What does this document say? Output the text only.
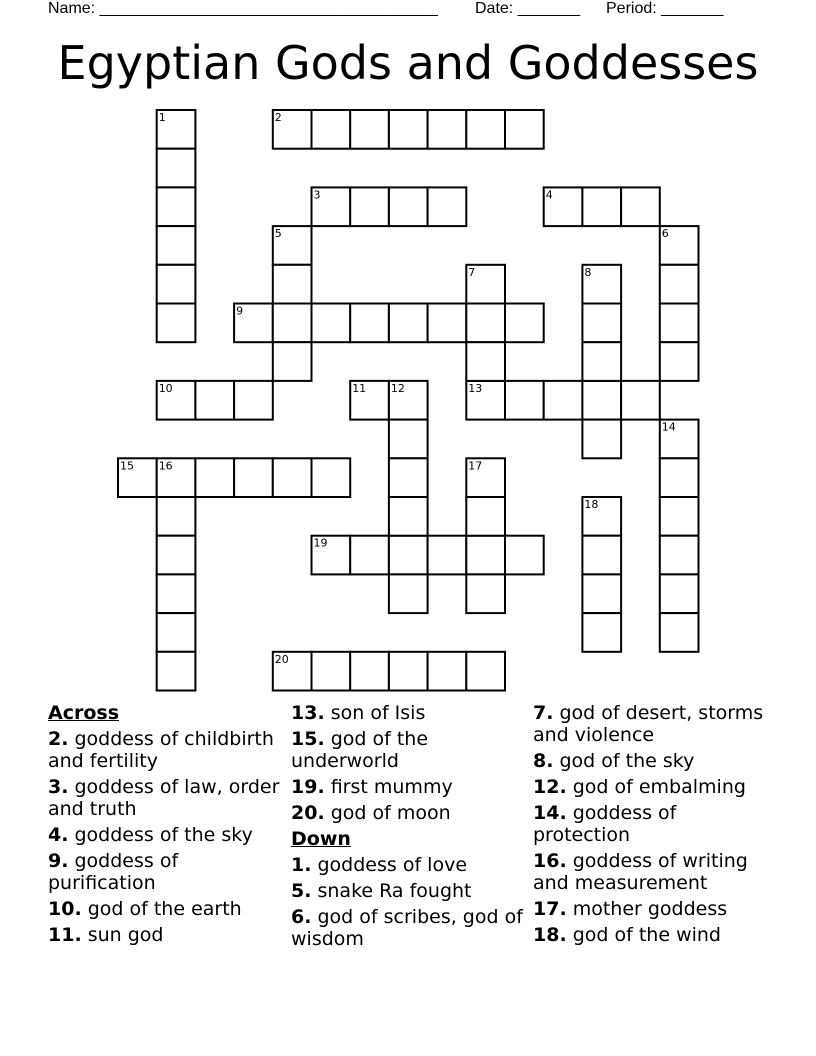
Name: ______________________________________

Date: _______

Period: _______

Egyptian Gods and Goddesses
1	2
3	4
5	6
7	8
9
10	11 12	13
14
15 16	17
18
19
20
Across
2. goddess of childbirth and fertility
3. goddess of law, order and truth
4. goddess of the sky
9. goddess of purification
10. god of the earth
11. sun god
13. son of Isis
15. god of the underworld
19. first mummy
20. god of moon
Down
1. goddess of love
5. snake Ra fought
6. god of scribes, god of wisdom
7. god of desert, storms and violence
8. god of the sky
12. god of embalming
14. goddess of protection
16. goddess of writing and measurement
17. mother goddess
18. god of the wind
